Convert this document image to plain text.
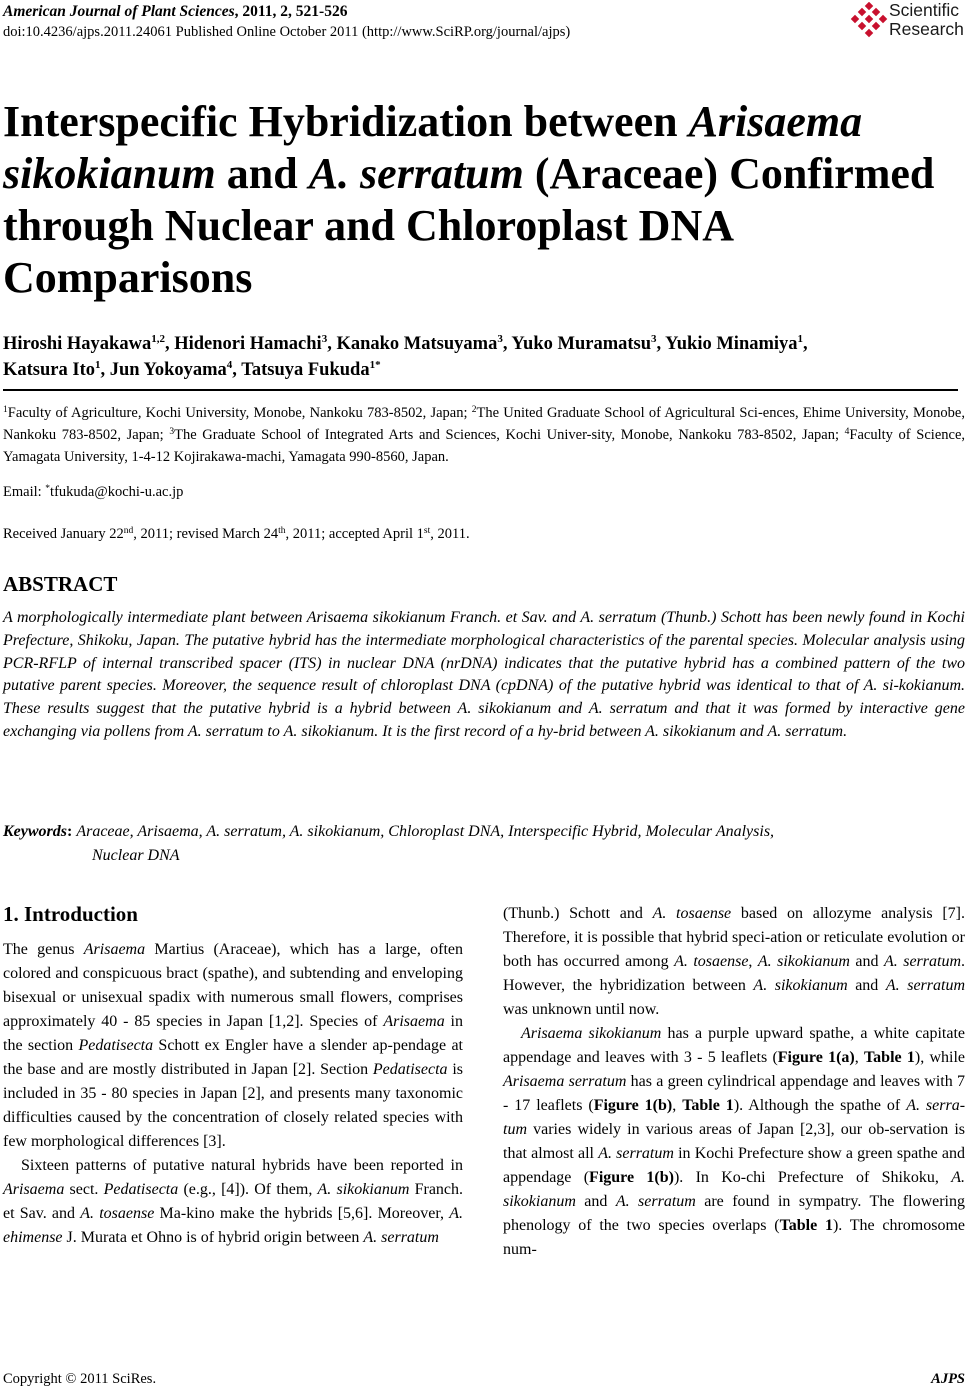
American Journal of Plant Sciences, 2011, 2, 521-526
doi:10.4236/ajps.2011.24061 Published Online October 2011 (http://www.SciRP.org/journal/ajps)
Scientific
Research
Interspecific Hybridization between Arisaema
sikokianum and A. serratum (Araceae) Confirmed through Nuclear and Chloroplast DNA Comparisons
Hiroshi Hayakawa$^{1,2}$, Hidenori Hamachi$^3$, Kanako Matsuyama$^3$, Yuko Muramatsu$^3$, Yukio Minamiya$^1$,
Katsura Ito$^1$, Jun Yokoyama$^4$, Tatsuya Fukuda$^{1*}$
$^1$Faculty of Agriculture, Kochi University, Monobe, Nankoku 783-8502, Japan; $^2$The United Graduate School of Agricultural Sci-ences, Ehime University, Monobe, Nankoku 783-8502, Japan; $^3$The Graduate School of Integrated Arts and Sciences, Kochi Univer-sity, Monobe, Nankoku 783-8502, Japan; $^4$Faculty of Science, Yamagata University, 1-4-12 Kojirakawa-machi, Yamagata 990-8560, Japan.
Email: *tfukuda@kochi-u.ac.jp
Received January 22nd, 2011; revised March 24th, 2011; accepted April 1st, 2011.
ABSTRACT

A morphologically intermediate plant between Arisaema sikokianum Franch. et Sav. and A. serratum (Thunb.) Schott has been newly found in Kochi Prefecture, Shikoku, Japan. The putative hybrid has the intermediate morphological characteristics of the parental species. Molecular analysis using PCR-RFLP of internal transcribed spacer (ITS) in nuclear DNA (nrDNA) indicates that the putative hybrid has a combined pattern of the two putative parent species. Moreover, the sequence result of chloroplast DNA (cpDNA) of the putative hybrid was identical to that of A. si-kokianum. These results suggest that the putative hybrid is a hybrid between A. sikokianum and A. serratum and that it was formed by interactive gene exchanging via pollens from A. serratum to A. sikokianum. It is the first record of a hy-brid between A. sikokianum and A. serratum.

Keywords: Araceae, Arisaema, A. serratum, A. sikokianum, Chloroplast DNA, Interspecific Hybrid, Molecular Analysis,
Nuclear DNA
1. Introduction

The genus Arisaema Martius (Araceae), which has a large, often colored and conspicuous bract (spathe), and subtending and enveloping bisexual or unisexual spadix with numerous small flowers, comprises approximately 40 - 85 species in Japan [1,2]. Species of Arisaema in the section Pedatisecta Schott ex Engler have a slender ap-pendage at the base and are mostly distributed in Japan [2]. Section Pedatisecta is included in 35 - 80 species in Japan [2], and presents many taxonomic difficulties caused by the concentration of closely related species with few morphological differences [3].

Sixteen patterns of putative natural hybrids have been reported in Arisaema sect. Pedatisecta (e.g., [4]). Of them, A. sikokianum Franch. et Sav. and A. tosaense Ma-kino make the hybrids [5,6]. Moreover, A. ehimense J. Murata et Ohno is of hybrid origin between A. serratum

(Thunb.) Schott and A. tosaense based on allozyme analysis [7]. Therefore, it is possible that hybrid speci-ation or reticulate evolution or both has occurred among A. tosaense, A. sikokianum and A. serratum. However, the hybridization between A. sikokianum and A. serratum was unknown until now.

Arisaema sikokianum has a purple upward spathe, a white capitate appendage and leaves with 3 - 5 leaflets (Figure 1(a), Table 1), while Arisaema serratum has a green cylindrical appendage and leaves with 7 - 17 leaflets (Figure 1(b), Table 1). Although the spathe of A. serra-tum varies widely in various areas of Japan [2,3], our ob-servation is that almost all A. serratum in Kochi Prefecture show a green spathe and appendage (Figure 1(b)). In Ko-chi Prefecture of Shikoku, A. sikokianum and A. serratum are found in sympatry. The flowering phenology of the two species overlaps (Table 1). The chromosome num-

Copyright © 2011 SciRes.	AJPS
